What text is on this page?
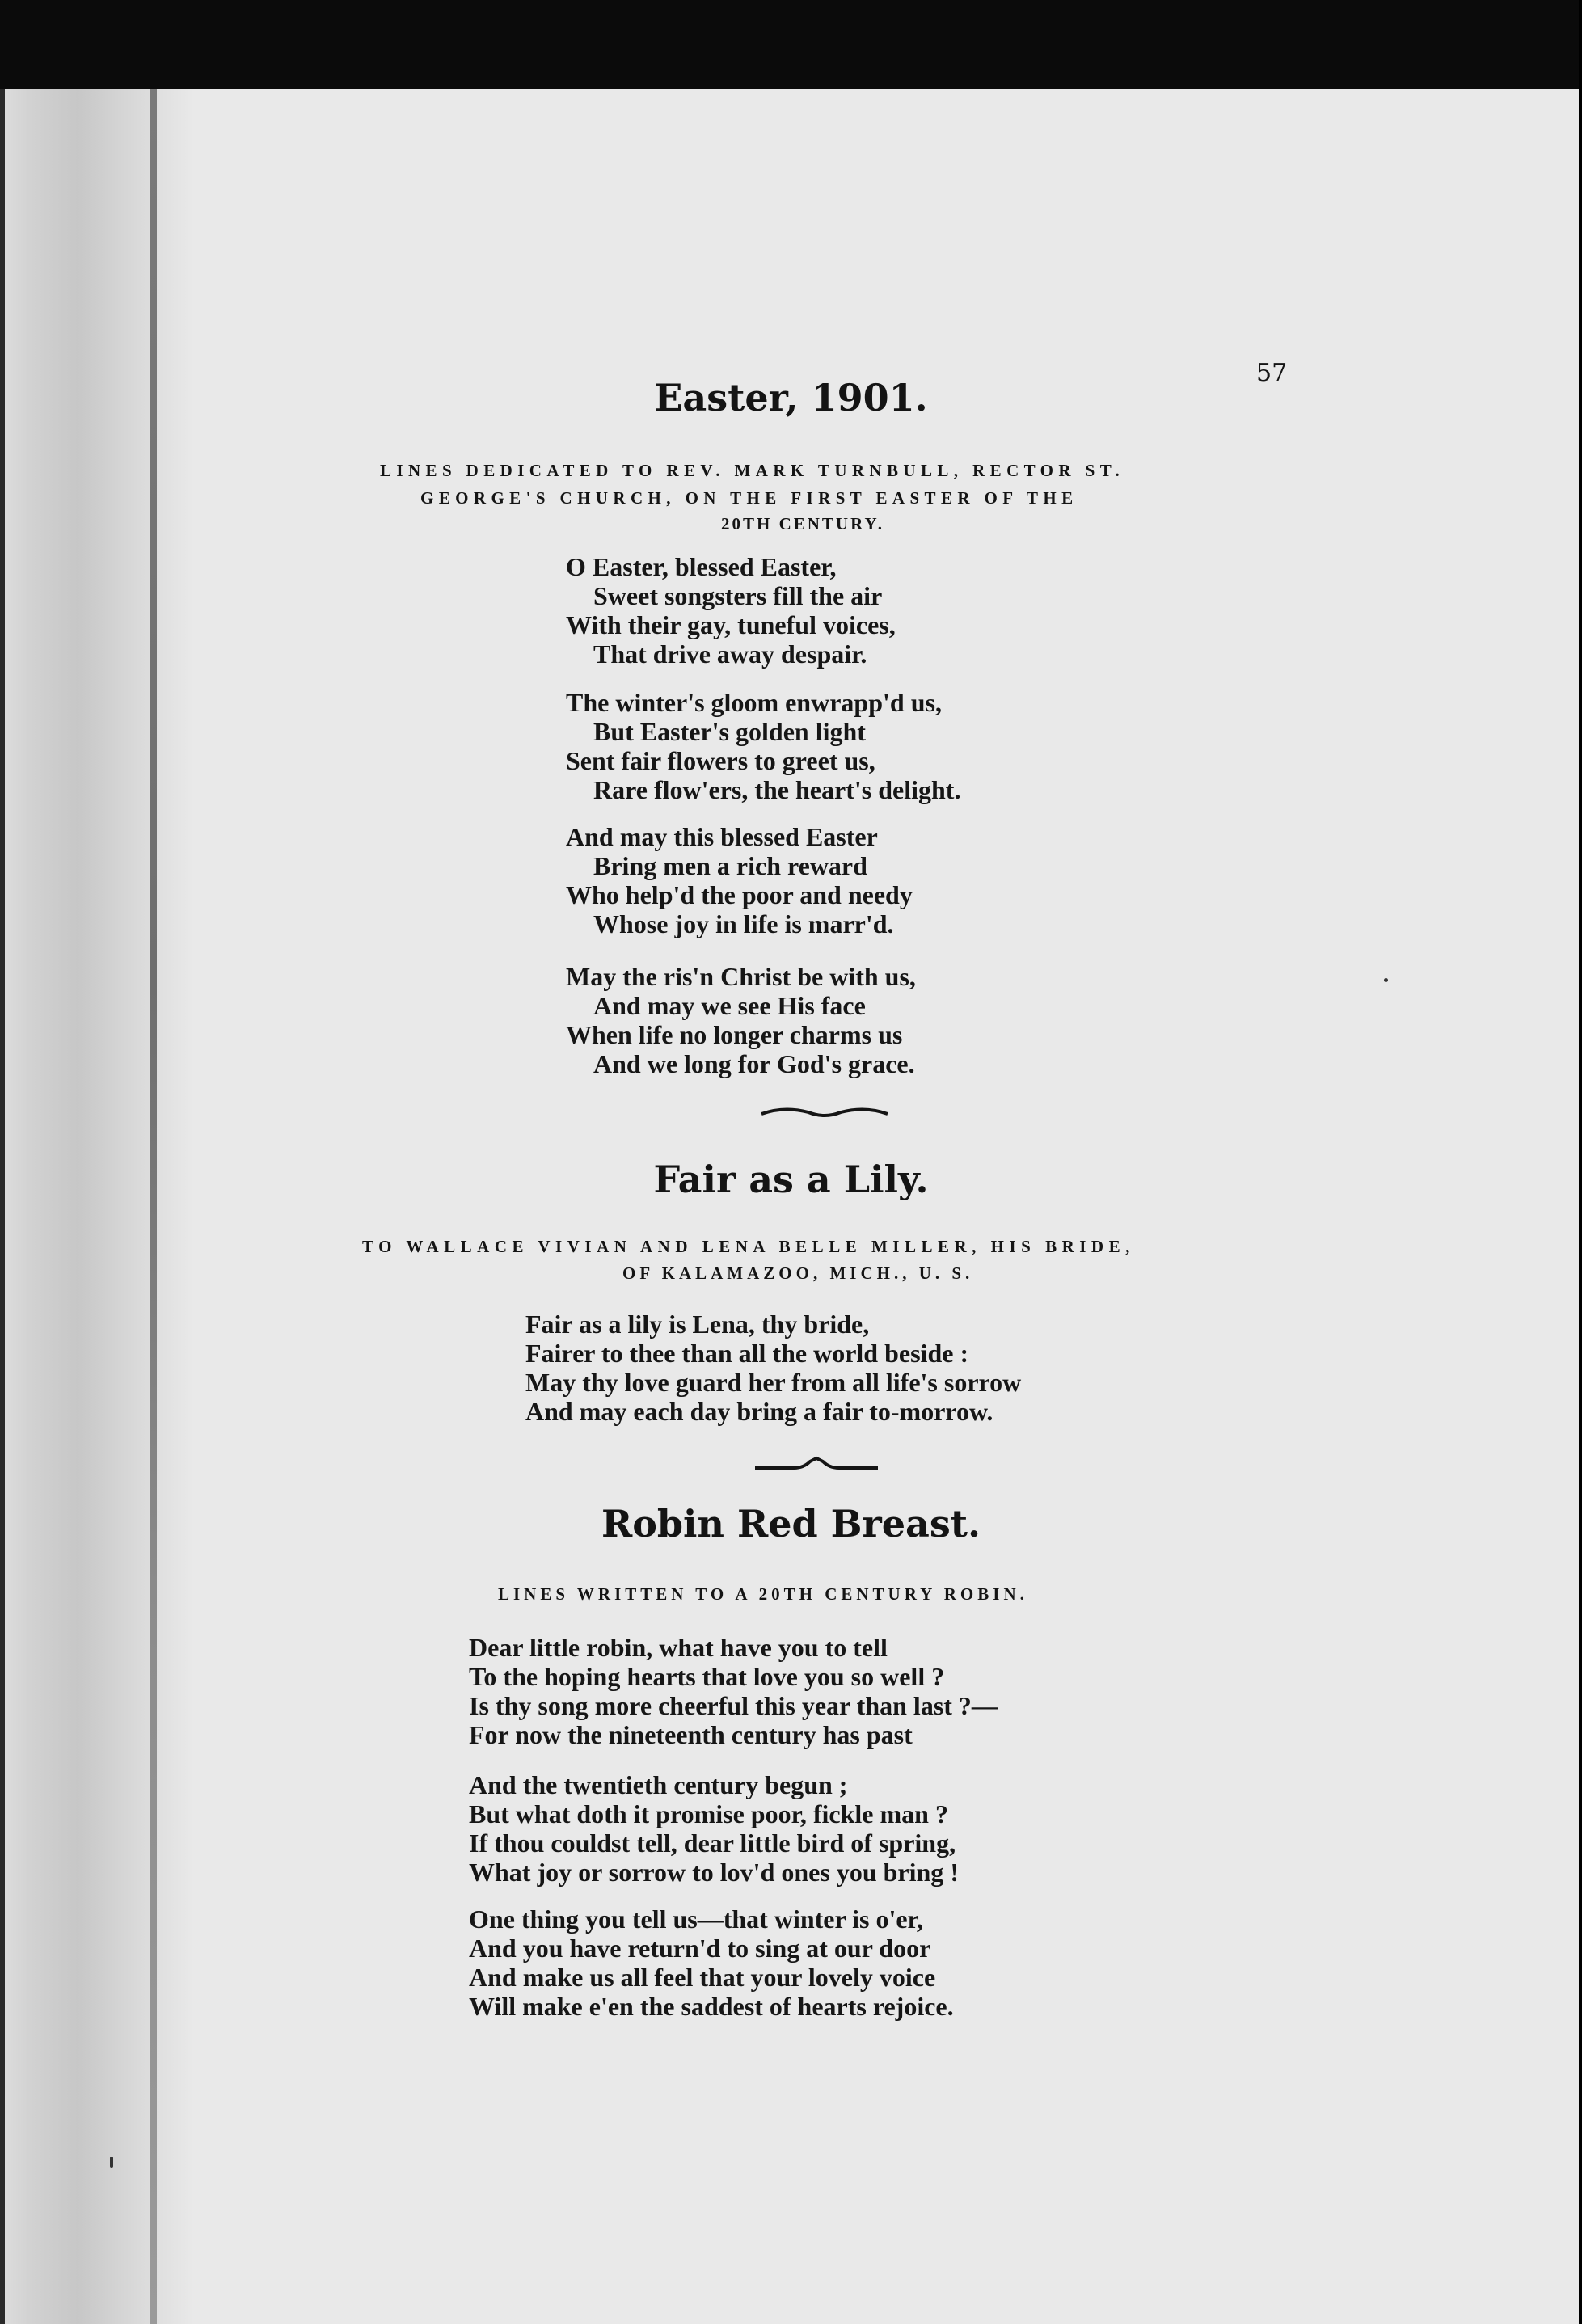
57
Easter, 1901.
LINES DEDICATED TO REV. MARK TURNBULL, RECTOR ST.
GEORGE'S CHURCH, ON THE FIRST EASTER OF THE
20TH CENTURY.
O Easter, blessed Easter,
Sweet songsters fill the air
With their gay, tuneful voices,
That drive away despair.
The winter's gloom enwrapp'd us,
But Easter's golden light
Sent fair flowers to greet us,
Rare flow'ers, the heart's delight.
And may this blessed Easter
Bring men a rich reward
Who help'd the poor and needy
Whose joy in life is marr'd.
May the ris'n Christ be with us,
And may we see His face
When life no longer charms us
And we long for God's grace.
Fair as a Lily.
TO WALLACE VIVIAN AND LENA BELLE MILLER, HIS BRIDE,
OF KALAMAZOO, MICH., U. S.
Fair as a lily is Lena, thy bride,
Fairer to thee than all the world beside :
May thy love guard her from all life's sorrow
And may each day bring a fair to-morrow.
Robin Red Breast.
LINES WRITTEN TO A 20TH CENTURY ROBIN.
Dear little robin, what have you to tell
To the hoping hearts that love you so well ?
Is thy song more cheerful this year than last ?—
For now the nineteenth century has past
And the twentieth century begun ;
But what doth it promise poor, fickle man ?
If thou couldst tell, dear little bird of spring,
What joy or sorrow to lov'd ones you bring !
One thing you tell us—that winter is o'er,
And you have return'd to sing at our door
And make us all feel that your lovely voice
Will make e'en the saddest of hearts rejoice.
